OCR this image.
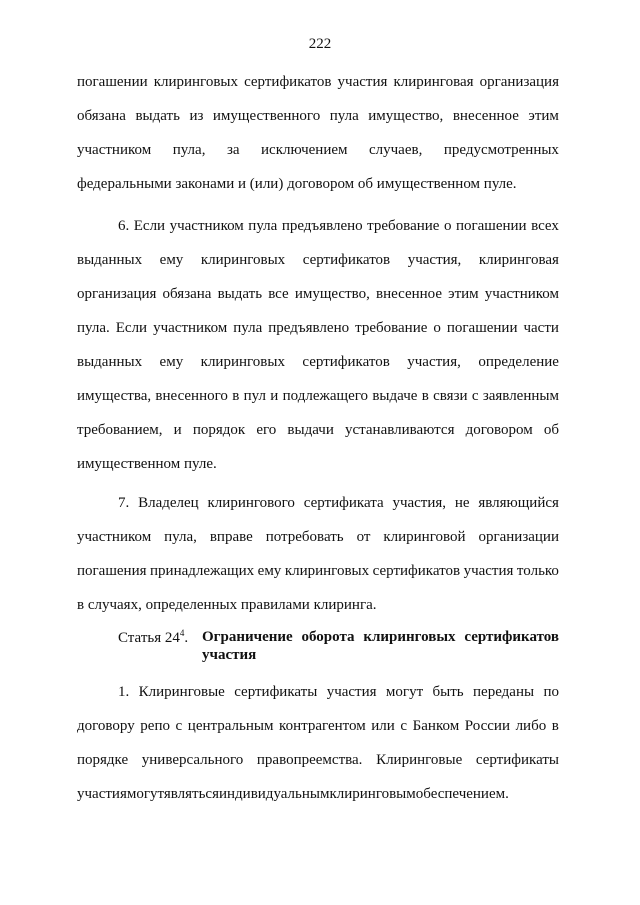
222
погашении клиринговых сертификатов участия клиринговая организация
обязана выдать из имущественного пула имущество, внесенное этим
участником пула, за исключением случаев, предусмотренных
федеральными законами и (или) договором об имущественном пуле.
6. Если участником пула предъявлено требование о погашении всех
выданных ему клиринговых сертификатов участия, клиринговая
организация обязана выдать все имущество, внесенное этим участником
пула. Если участником пула предъявлено требование о погашении части
выданных ему клиринговых сертификатов участия, определение
имущества, внесенного в пул и подлежащего выдаче в связи с заявленным
требованием, и порядок его выдачи устанавливаются договором об
имущественном пуле.
7. Владелец клирингового сертификата участия, не являющийся
участником пула, вправе потребовать от клиринговой организации
погашения принадлежащих ему клиринговых сертификатов участия только
в случаях, определенных правилами клиринга.
1. Клиринговые сертификаты участия могут быть переданы по
договору репо с центральным контрагентом или с Банком России либо в
порядке универсального правопреемства. Клиринговые сертификаты
участиямогутявлятьсяиндивидуальнымклиринговымобеспечением.
Статья $24^4$. Ограничение оборота клиринговых сертификатов
участия
